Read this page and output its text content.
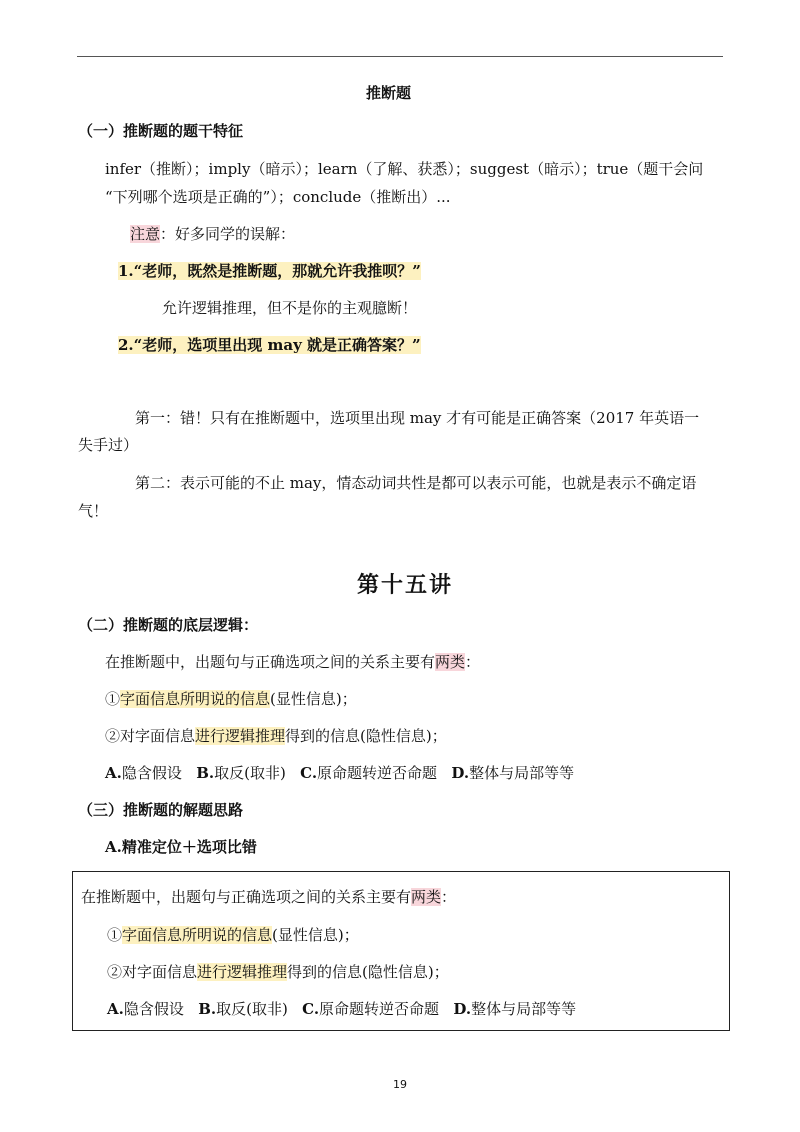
推断题
（一）推断题的题干特征
infer（推断）；imply（暗示）；learn（了解、获悉）；suggest（暗示）；true（题干会问
“下列哪个选项是正确的”）；conclude（推断出）...
注意：好多同学的误解：
1.“老师，既然是推断题，那就允许我推呗？”
允许逻辑推理，但不是你的主观臆断！
2.“老师，选项里出现 may 就是正确答案？”
第一：错！只有在推断题中，选项里出现 may 才有可能是正确答案（2017 年英语一
失手过）
第二：表示可能的不止 may，情态动词共性是都可以表示可能，也就是表示不确定语
气！
第十五讲
（二）推断题的底层逻辑：
在推断题中，出题句与正确选项之间的关系主要有两类：
①字面信息所明说的信息(显性信息)；
②对字面信息进行逻辑推理得到的信息(隐性信息)；
A.隐含假设 B.取反(取非) C.原命题转逆否命题 D.整体与局部等等
（三）推断题的解题思路
A.精准定位＋选项比错
在推断题中，出题句与正确选项之间的关系主要有两类：
①字面信息所明说的信息(显性信息)；
②对字面信息进行逻辑推理得到的信息(隐性信息)；
A.隐含假设 B.取反(取非) C.原命题转逆否命题 D.整体与局部等等
19
